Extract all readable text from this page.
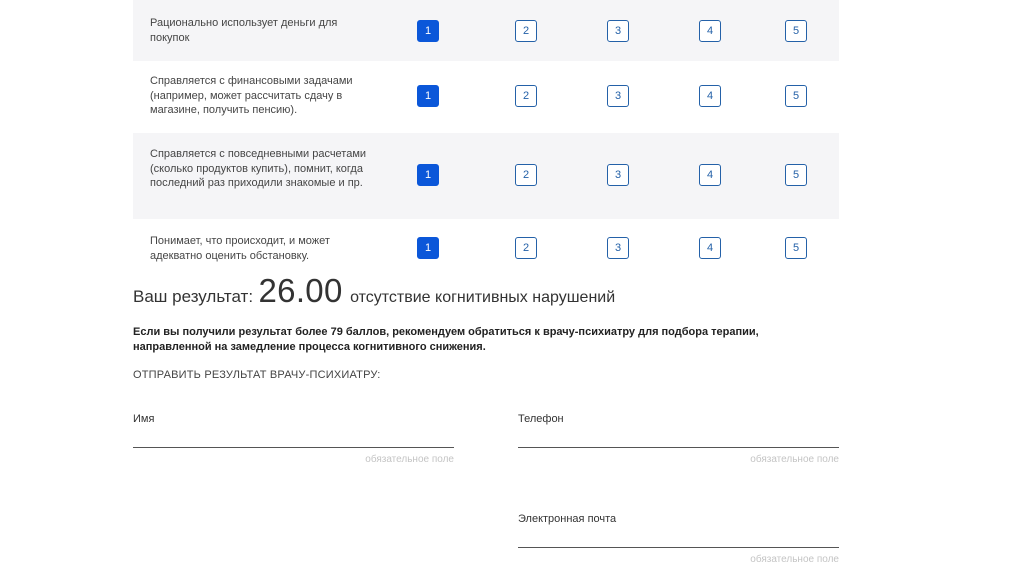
Рационально использует деньги для покупок
1	2	3	4	5
Справляется с финансовыми задачами (например, может рассчитать сдачу в магазине, получить пенсию).
1	2	3	4	5
Справляется с повседневными расчетами (сколько продуктов купить), помнит, когда последний раз приходили знакомые и пр.
1	2	3	4	5
Понимает, что происходит, и может адекватно оценить обстановку.
1	2	3	4	5
Ваш результат: 26.00 отсутствие когнитивных нарушений
Если вы получили результат более 79 баллов, рекомендуем обратиться к врачу-психиатру для подбора терапии, направленной на замедление процесса когнитивного снижения.
ОТПРАВИТЬ РЕЗУЛЬТАТ ВРАЧУ-ПСИХИАТРУ:
Имя
обязательное поле
Телефон
обязательное поле
Электронная почта
обязательное поле
